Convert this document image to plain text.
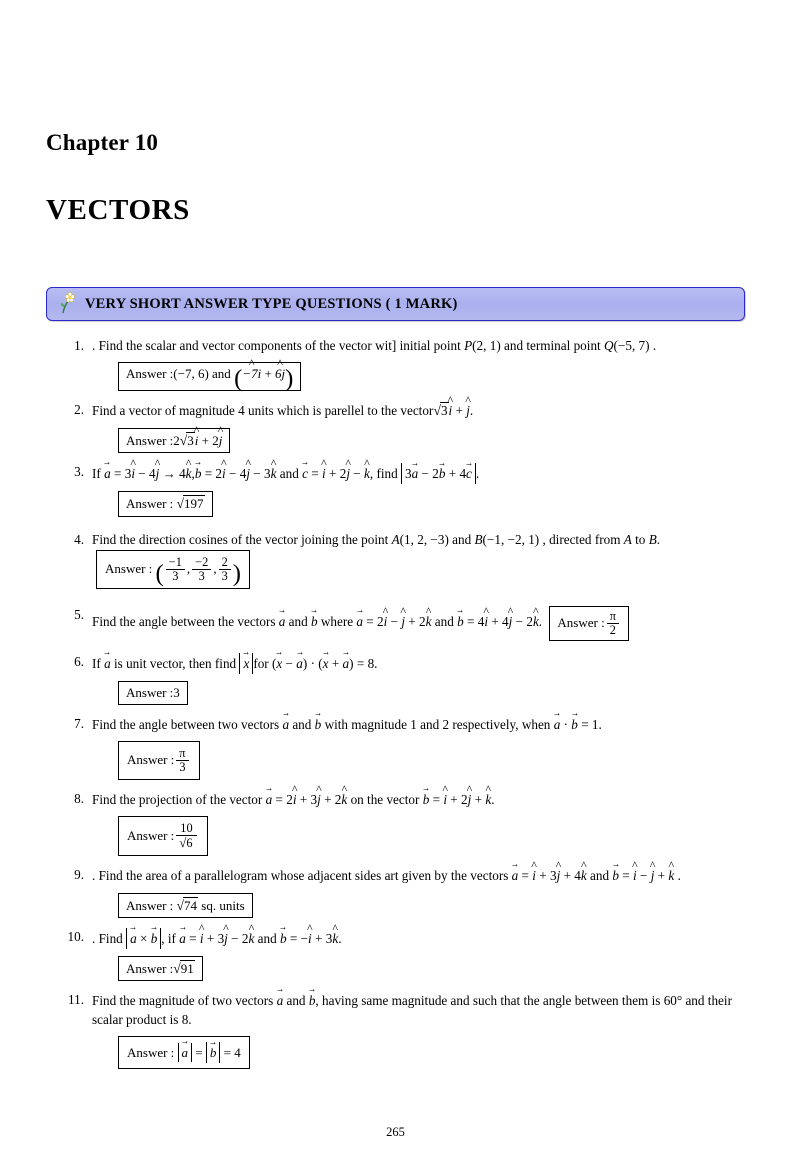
Chapter 10
VECTORS
VERY SHORT ANSWER TYPE QUESTIONS ( 1 MARK)
1. . Find the scalar and vector components of the vector wit] initial point P(2, 1) and terminal point Q(−5, 7) .
Answer :(−7, 6) and (−7i ^ + 6j ^)
2. Find a vector of magnitude 4 units which is parellel to the vector√3i ^ + j ^.
Answer :2√3i ^ + 2j ^
3. If a → = 3i ^ − 4j ^ → 4k ^,b → = 2i ^ − 4j ^ − 3k ^ and c → = i ^ + 2j ^ − k ^, find 3a → − 2b → + 4c → .
Answer : √197
4. Find the direction cosines of the vector joining the point A(1, 2, −3) and B(−1, −2, 1) , directed from A to B. Answer : ( $\frac{-1}{3}$ , $\frac{-2}{3}$ , $\frac{2}{3}$ )
5. Find the angle between the vectors a → and b → where a → = 2i ^ − j ^ + 2k ^ and b → = 4i ^ + 4j ^ − 2k ^. Answer : $\frac{\pi}{2}$
6. If a → is unit vector, then find x → for (x → − a →) · (x → + a →) = 8.
Answer :3
7. Find the angle between two vectors a → and b → with magnitude 1 and 2 respectively, when a → · b → = 1.
Answer : $\frac{\pi}{3}$
8. Find the projection of the vector a → = 2i ^ + 3j ^ + 2k ^ on the vector b → = i ^ + 2j ^ + k ^.
Answer : $\frac{10}{√6}$
9. . Find the area of a parallelogram whose adjacent sides art given by the vectors a → = i ^ + 3j ^ + 4k ^ and b → = i ^ − j ^ + k ^ .
Answer : √74 sq. units
10. . Find a → × b → , if a → = i ^ + 3j ^ − 2k ^ and b → = −i ^ + 3k ^.
Answer :√91
11. Find the magnitude of two vectors a → and b →, having same magnitude and such that the angle between them is 60° and their scalar product is 8.
Answer : a → = b → = 4
265
